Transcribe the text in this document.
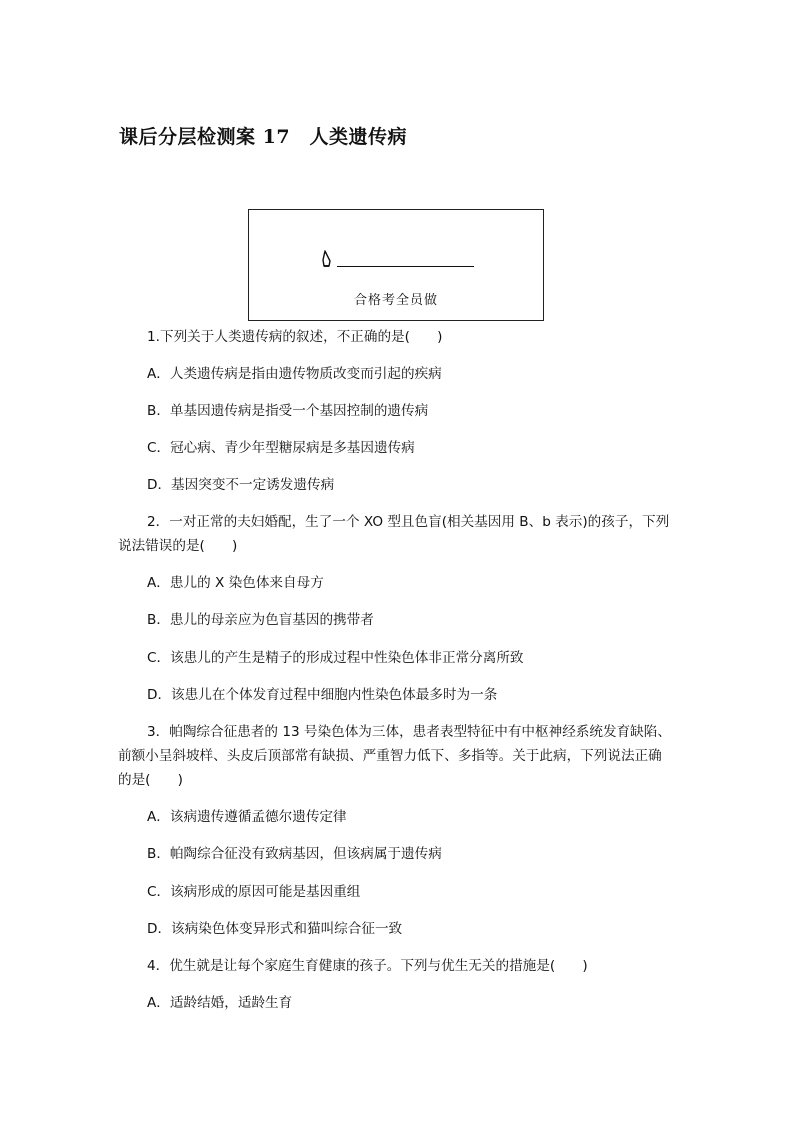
课后分层检测案 17　人类遗传病
合格考全员做
1.下列关于人类遗传病的叙述，不正确的是(　　)
A．人类遗传病是指由遗传物质改变而引起的疾病
B．单基因遗传病是指受一个基因控制的遗传病
C．冠心病、青少年型糖尿病是多基因遗传病
D．基因突变不一定诱发遗传病
2．一对正常的夫妇婚配，生了一个 XO 型且色盲(相关基因用 B、b 表示)的孩子，下列
说法错误的是(　　)
A．患儿的 X 染色体来自母方
B．患儿的母亲应为色盲基因的携带者
C．该患儿的产生是精子的形成过程中性染色体非正常分离所致
D．该患儿在个体发育过程中细胞内性染色体最多时为一条
3．帕陶综合征患者的 13 号染色体为三体，患者表型特征中有中枢神经系统发育缺陷、
前额小呈斜坡样、头皮后顶部常有缺损、严重智力低下、多指等。关于此病，下列说法正确
的是(　　)
A．该病遗传遵循孟德尔遗传定律
B．帕陶综合征没有致病基因，但该病属于遗传病
C．该病形成的原因可能是基因重组
D．该病染色体变异形式和猫叫综合征一致
4．优生就是让每个家庭生育健康的孩子。下列与优生无关的措施是(　　)
A．适龄结婚，适龄生育
